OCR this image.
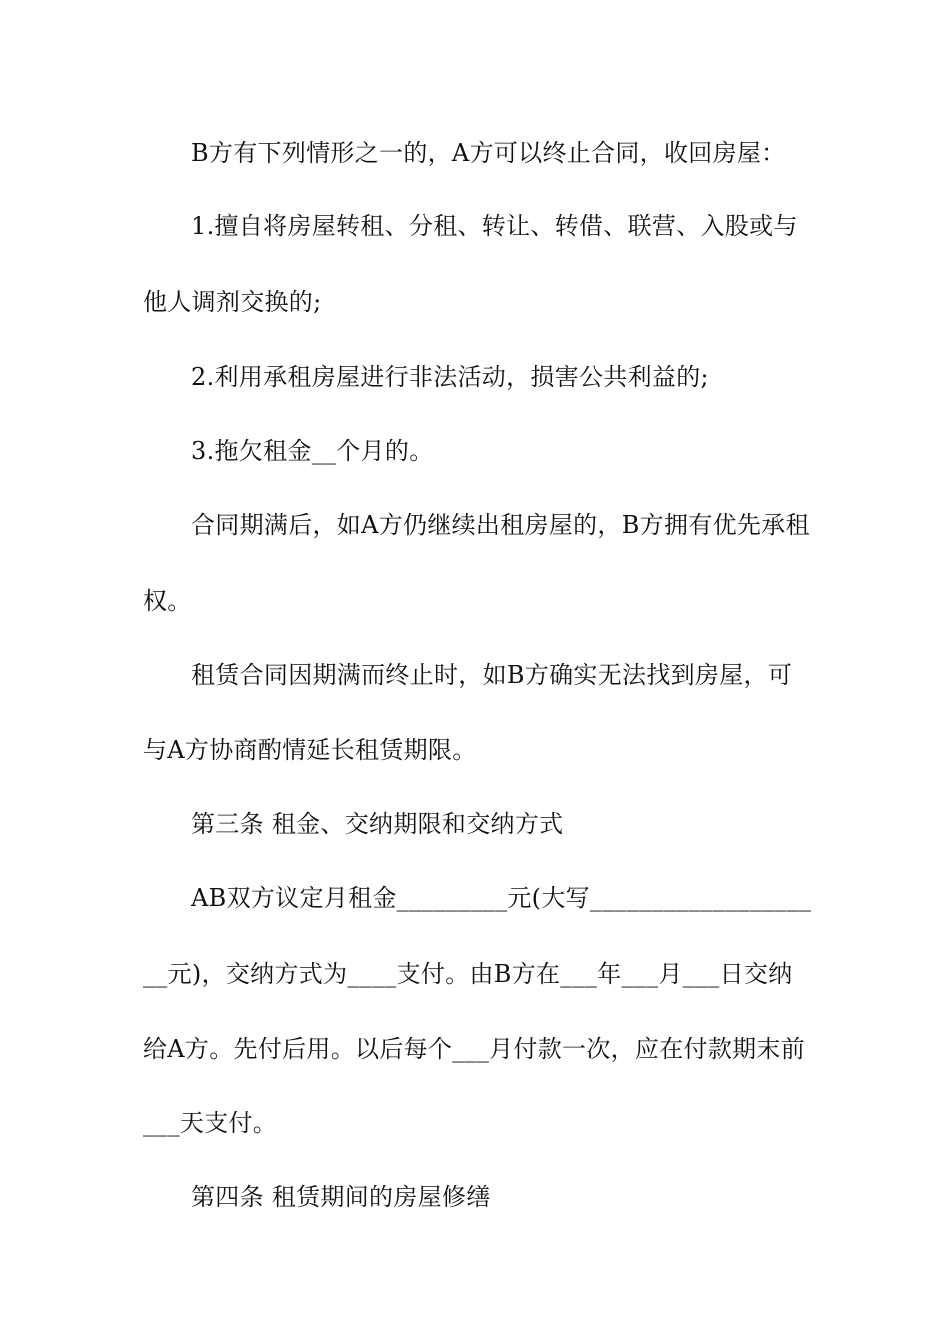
B方有下列情形之一的，A方可以终止合同，收回房屋：
1.擅自将房屋转租、分租、转让、转借、联营、入股或与
他人调剂交换的;
2.利用承租房屋进行非法活动，损害公共利益的;
3.拖欠租金__个月的。
合同期满后，如A方仍继续出租房屋的，B方拥有优先承租
权。
租赁合同因期满而终止时，如B方确实无法找到房屋，可
与A方协商酌情延长租赁期限。
第三条 租金、交纳期限和交纳方式
AB双方议定月租金_________元(大写__________________
__元)，交纳方式为____支付。由B方在___年___月___日交纳
给A方。先付后用。以后每个___月付款一次，应在付款期末前
___天支付。
第四条 租赁期间的房屋修缮
